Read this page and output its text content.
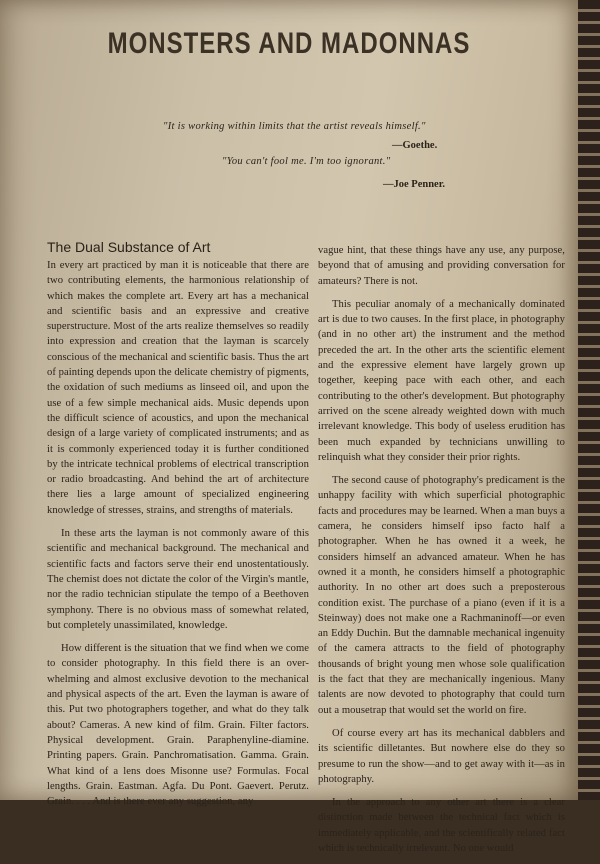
MONSTERS AND MADONNAS
"It is working within limits that the artist reveals himself."
—Goethe.
"You can't fool me. I'm too ignorant."
—Joe Penner.
The Dual Substance of Art

In every art practiced by man it is noticeable that there are two contributing elements, the harmonious relationship of which makes the complete art. Every art has a mechanical and scientific basis and an expressive and creative superstructure. Most of the arts realize themselves so readily into expression and creation that the layman is scarcely conscious of the mechanical and scientific basis. Thus the art of painting depends upon the delicate chemistry of pigments, the oxidation of such mediums as linseed oil, and upon the use of a few simple mechanical aids. Music depends upon the difficult science of acoustics, and upon the mechanical design of a large variety of complicated instruments; and as it is commonly experienced today it is further conditioned by the intricate technical problems of electrical transcription or radio broadcasting. And behind the art of architecture there lies a large amount of specialized engineering knowledge of stresses, strains, and strengths of materials.

In these arts the layman is not commonly aware of this scientific and mechanical background. The mechanical and scientific facts and factors serve their end unostentatiously. The chemist does not dictate the color of the Virgin's mantle, nor the radio technician stipulate the tempo of a Beethoven symphony. There is no obvious mass of somewhat related, but completely unassimilated, knowledge.

How different is the situation that we find when we come to consider photography. In this field there is an over-whelming and almost exclusive devotion to the mechanical and physical aspects of the art. Even the layman is aware of this. Put two photographers together, and what do they talk about? Cameras. A new kind of film. Grain. Filter factors. Physical development. Grain. Paraphenyline-diamine. Printing papers. Grain. Panchromatisation. Gamma. Grain. What kind of a lens does Misonne use? Formulas. Focal lengths. Grain. Eastman. Agfa. Du Pont. Gaevert. Perutz. Grain. . . . And is there ever any suggestion, any

vague hint, that these things have any use, any purpose, beyond that of amusing and providing conversation for amateurs? There is not.

This peculiar anomaly of a mechanically dominated art is due to two causes. In the first place, in photography (and in no other art) the instrument and the method preceded the art. In the other arts the scientific element and the expressive element have largely grown up together, keeping pace with each other, and each contributing to the other's development. But photography arrived on the scene already weighted down with much irrelevant knowledge. This body of useless erudition has been much expanded by technicians unwilling to relinquish what they consider their prior rights.

The second cause of photography's predicament is the unhappy facility with which superficial photographic facts and procedures may be learned. When a man buys a camera, he considers himself ipso facto half a photographer. When he has owned it a week, he considers himself an advanced amateur. When he has owned it a month, he considers himself a photographic authority. In no other art does such a preposterous condition exist. The purchase of a piano (even if it is a Steinway) does not make one a Rachmaninoff—or even an Eddy Duchin. But the damnable mechanical ingenuity of the camera attracts to the field of photography thousands of bright young men whose sole qualification is the fact that they are mechanically ingenious. Many talents are now devoted to photography that could turn out a mousetrap that would set the world on fire.

Of course every art has its mechanical dabblers and its scientific dilletantes. But nowhere else do they so presume to run the show—and to get away with it—as in photography.

In the approach to any other art there is a clear distinction made between the technical fact which is immediately applicable, and the scientifically related fact which is technically irrelevant. No one would
